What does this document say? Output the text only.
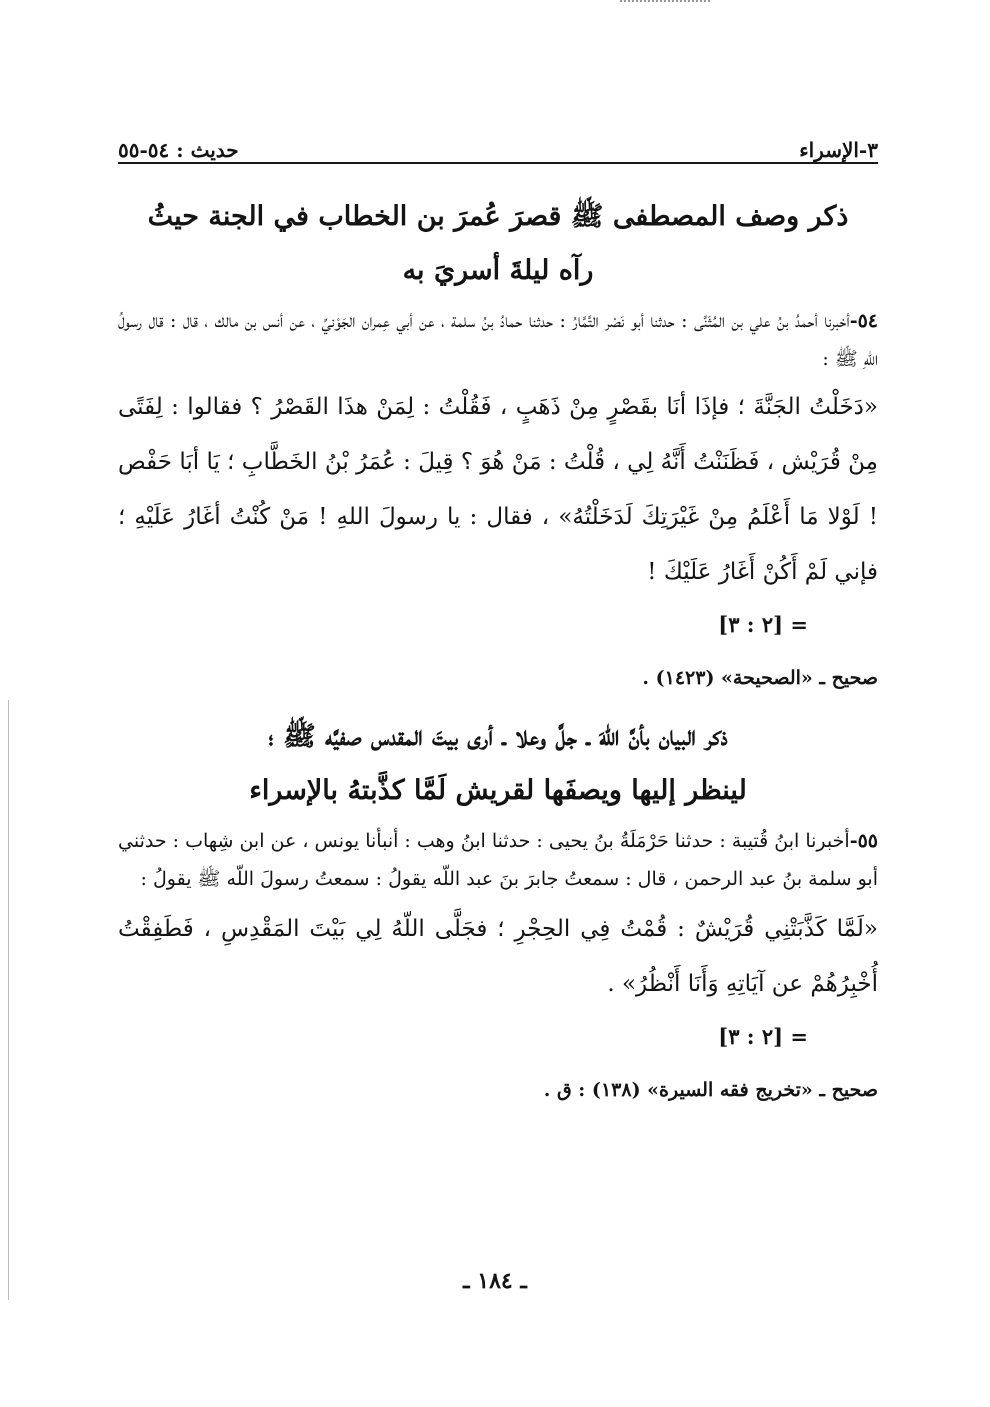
٣-الإسراء
حديث : ٥٤-٥٥

ذكر وصف المصطفى ﷺ قصرَ عُمرَ بن الخطاب في الجنة حيثُ

رآه ليلةَ أسريَ به

٥٤-أخبرنا أحمدُ بنُ علي بن المُثَنَّى : حدثنا أبو نَصْر التَّمَّارُ : حدثنا حمادُ بنُ سلمة ، عن أبي عِمران الجَوْنيِّ ، عن أنس بن مالك ، قال : قال رسولُ اللهِ ﷺ :

«دَخَلْتُ الجَنَّةَ ؛ فإذَا أنَا بقَصْرٍ مِنْ ذَهَبٍ ، فَقُلْتُ : لِمَنْ هذَا القَصْرُ ؟ فقالوا : لِفَتًى مِنْ قُرَيْش ، فَظَنَنْتُ أَنَّهُ لِي ، قُلْتُ : مَنْ هُوَ ؟ قِيلَ : عُمَرُ بْنُ الخَطَّابِ ؛ يَا أبَا حَفْص ! لَوْلا مَا أَعْلَمُ مِنْ غَيْرَتِكَ لَدَخَلْتُهُ» ، فقال : يا رسولَ اللهِ ! مَنْ كُنْتُ أغَارُ عَلَيْهِ ؛ فإني لَمْ أَكُنْ أَغَارُ عَلَيْكَ !

= [٢ : ٣]

صحيح ـ «الصحيحة» (١٤٢٣) .

ذكر البيان بأنَّ اللّهَ ـ جلَّ وعلا ـ أرى بيتَ المقدس صفيَّه ﷺ ؛

لينظر إليها ويصفَها لقريش لَمَّا كذَّبتهُ بالإسراء

٥٥-أخبرنا ابنُ قُتيبة : حدثنا حَرْمَلَةُ بنُ يحيى : حدثنا ابنُ وهب : أنبأنا يونس ، عن ابن شِهاب : حدثني أبو سلمة بنُ عبد الرحمن ، قال : سمعتُ جابرَ بنَ عبد اللّه يقولُ : سمعتُ رسولَ اللّه ﷺ يقولُ :

«لَمَّا كَذَّبَتْنِي قُرَيْشٌ : قُمْتُ فِي الحِجْرِ ؛ فجَلَّى اللّهُ لِي بَيْتَ المَقْدِسِ ، فَطَفِقْتُ أُخْبِرُهُمْ عن آيَاتِهِ وَأَنَا أَنْظُرُ» .

= [٢ : ٣]

صحيح ـ «تخريج فقه السيرة» (١٣٨) : ق .

ـ ١٨٤ ـ
